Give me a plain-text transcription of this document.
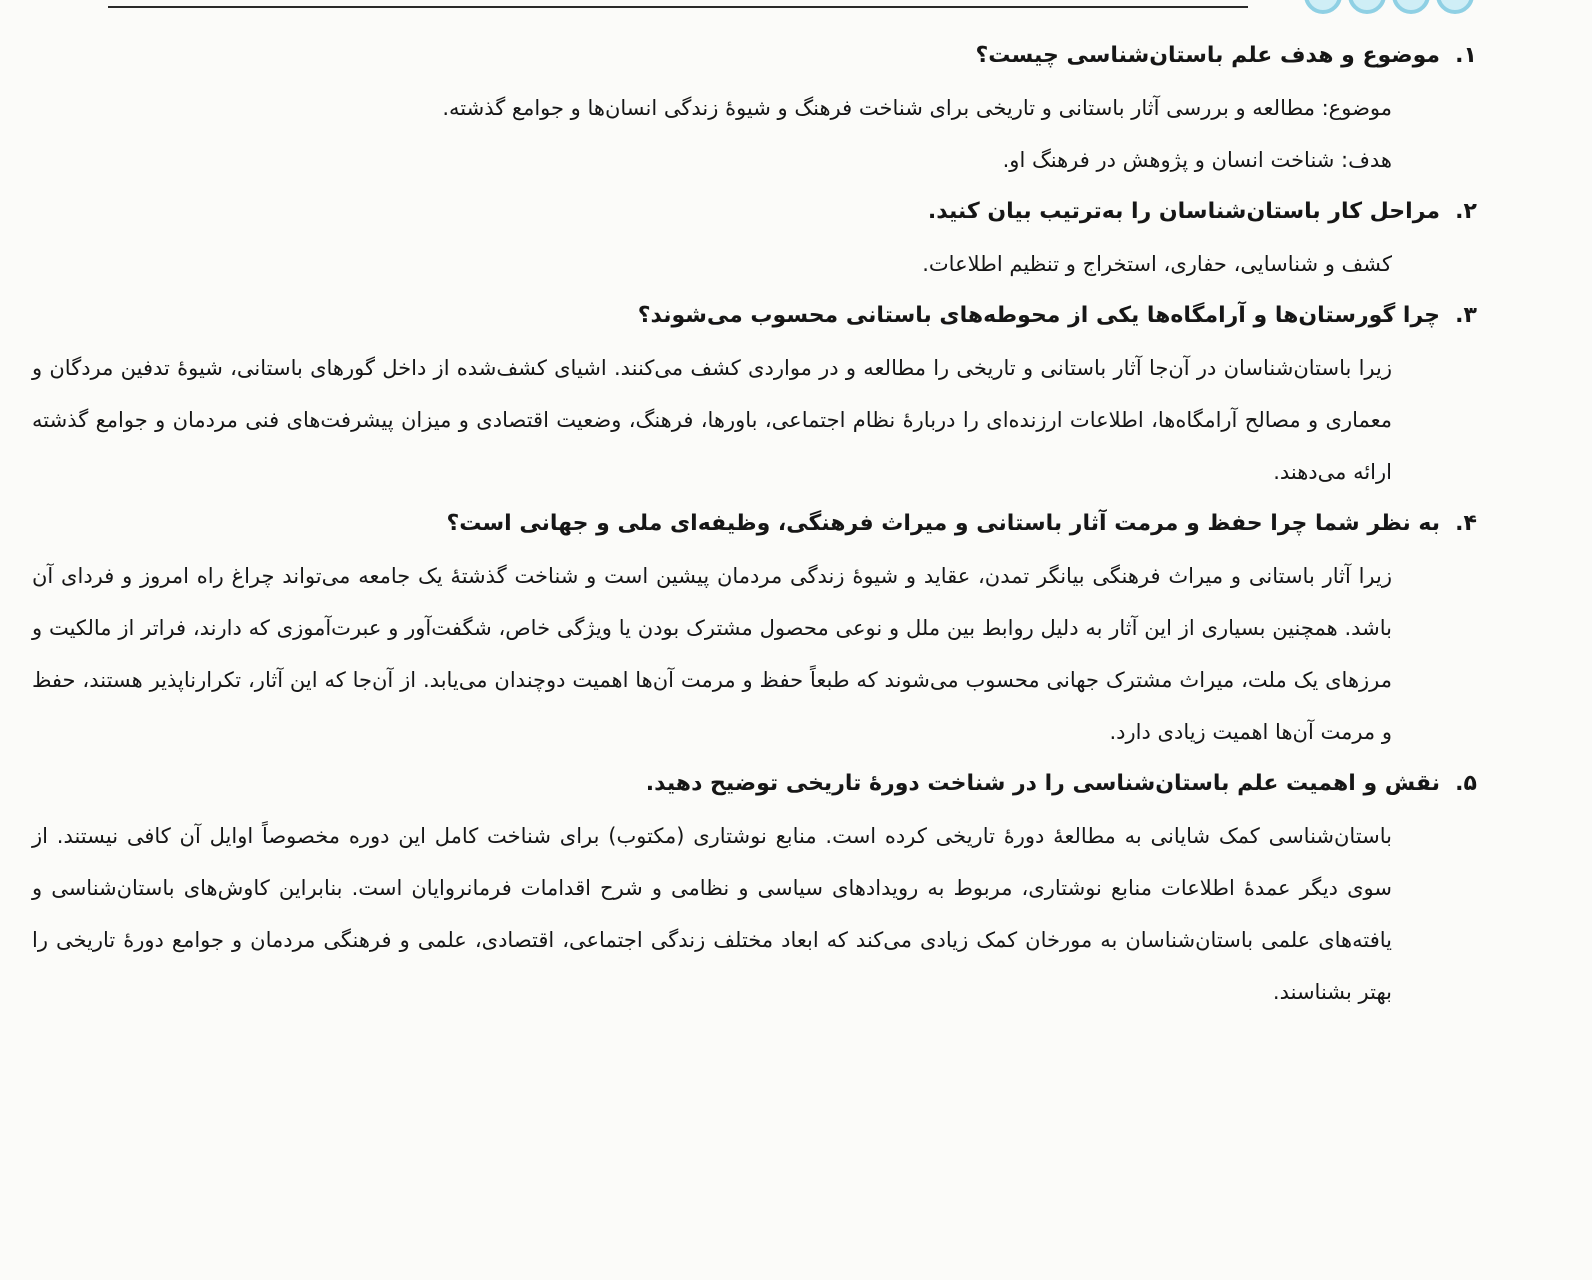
۱.

موضوع و هدف علم باستان‌شناسی چیست؟

موضوع: مطالعه و بررسی آثار باستانی و تاریخی برای شناخت فرهنگ و شیوهٔ زندگی انسان‌ها و جوامع گذشته.

هدف: شناخت انسان و پژوهش در فرهنگ او.

۲.

مراحل کار باستان‌شناسان را به‌ترتیب بیان کنید.

کشف و شناسایی، حفاری، استخراج و تنظیم اطلاعات.

۳.

چرا گورستان‌ها و آرامگاه‌ها یکی از محوطه‌های باستانی محسوب می‌شوند؟

زیرا باستان‌شناسان در آن‌جا آثار باستانی و تاریخی را مطالعه و در مواردی کشف می‌کنند. اشیای کشف‌شده از داخل گورهای باستانی، شیوهٔ تدفین مردگان و معماری و مصالح آرامگاه‌ها، اطلاعات ارزنده‌ای را دربارهٔ نظام اجتماعی، باورها، فرهنگ، وضعیت اقتصادی و میزان پیشرفت‌های فنی مردمان و جوامع گذشته ارائه می‌دهند.

۴.

به نظر شما چرا حفظ و مرمت آثار باستانی و میراث فرهنگی، وظیفه‌ای ملی و جهانی است؟

زیرا آثار باستانی و میراث فرهنگی بیانگر تمدن، عقاید و شیوهٔ زندگی مردمان پیشین است و شناخت گذشتهٔ یک جامعه می‌تواند چراغ راه امروز و فردای آن باشد. همچنین بسیاری از این آثار به دلیل روابط بین ملل و نوعی محصول مشترک بودن یا ویژگی خاص، شگفت‌آور و عبرت‌آموزی که دارند، فراتر از مالکیت و مرزهای یک ملت، میراث مشترک جهانی محسوب می‌شوند که طبعاً حفظ و مرمت آن‌ها اهمیت دوچندان می‌یابد. از آن‌جا که این آثار، تکرارناپذیر هستند، حفظ و مرمت آن‌ها اهمیت زیادی دارد.

۵.

نقش و اهمیت علم باستان‌شناسی را در شناخت دورهٔ تاریخی توضیح دهید.

باستان‌شناسی کمک شایانی به مطالعهٔ دورهٔ تاریخی کرده است. منابع نوشتاری (مکتوب) برای شناخت کامل این دوره مخصوصاً اوایل آن کافی نیستند. از سوی دیگر عمدهٔ اطلاعات منابع نوشتاری، مربوط به رویدادهای سیاسی و نظامی و شرح اقدامات فرمانروایان است. بنابراین کاوش‌های باستان‌شناسی و یافته‌های علمی باستان‌شناسان به مورخان کمک زیادی می‌کند که ابعاد مختلف زندگی اجتماعی، اقتصادی، علمی و فرهنگی مردمان و جوامع دورهٔ تاریخی را بهتر بشناسند.
